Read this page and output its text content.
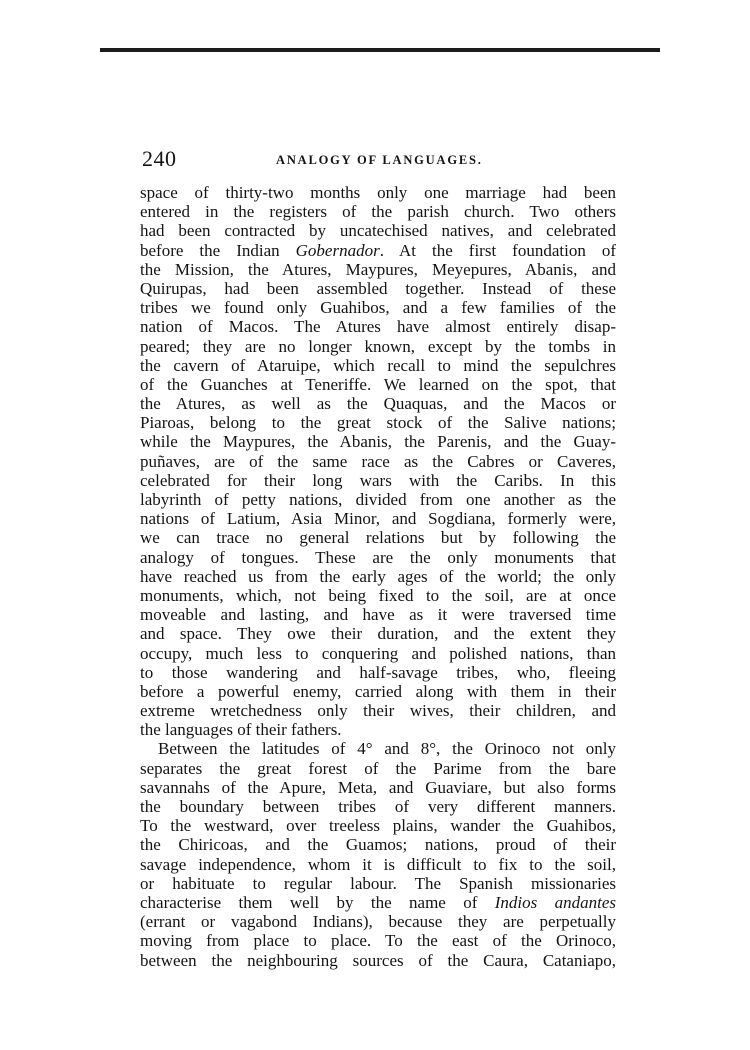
240	ANALOGY OF LANGUAGES.
space of thirty-two months only one marriage had been
entered in the registers of the parish church. Two others
had been contracted by uncatechised natives, and celebrated
before the Indian Gobernador. At the first foundation of
the Mission, the Atures, Maypures, Meyepures, Abanis, and
Quirupas, had been assembled together. Instead of these
tribes we found only Guahibos, and a few families of the
nation of Macos. The Atures have almost entirely disap-
peared; they are no longer known, except by the tombs in
the cavern of Ataruipe, which recall to mind the sepulchres
of the Guanches at Teneriffe. We learned on the spot, that
the Atures, as well as the Quaquas, and the Macos or
Piaroas, belong to the great stock of the Salive nations;
while the Maypures, the Abanis, the Parenis, and the Guay-
puñaves, are of the same race as the Cabres or Caveres,
celebrated for their long wars with the Caribs. In this
labyrinth of petty nations, divided from one another as the
nations of Latium, Asia Minor, and Sogdiana, formerly were,
we can trace no general relations but by following the
analogy of tongues. These are the only monuments that
have reached us from the early ages of the world; the only
monuments, which, not being fixed to the soil, are at once
moveable and lasting, and have as it were traversed time
and space. They owe their duration, and the extent they
occupy, much less to conquering and polished nations, than
to those wandering and half-savage tribes, who, fleeing
before a powerful enemy, carried along with them in their
extreme wretchedness only their wives, their children, and
the languages of their fathers.
Between the latitudes of 4° and 8°, the Orinoco not only
separates the great forest of the Parime from the bare
savannahs of the Apure, Meta, and Guaviare, but also forms
the boundary between tribes of very different manners.
To the westward, over treeless plains, wander the Guahibos,
the Chiricoas, and the Guamos; nations, proud of their
savage independence, whom it is difficult to fix to the soil,
or habituate to regular labour. The Spanish missionaries
characterise them well by the name of Indios andantes
(errant or vagabond Indians), because they are perpetually
moving from place to place. To the east of the Orinoco,
between the neighbouring sources of the Caura, Cataniapo,
